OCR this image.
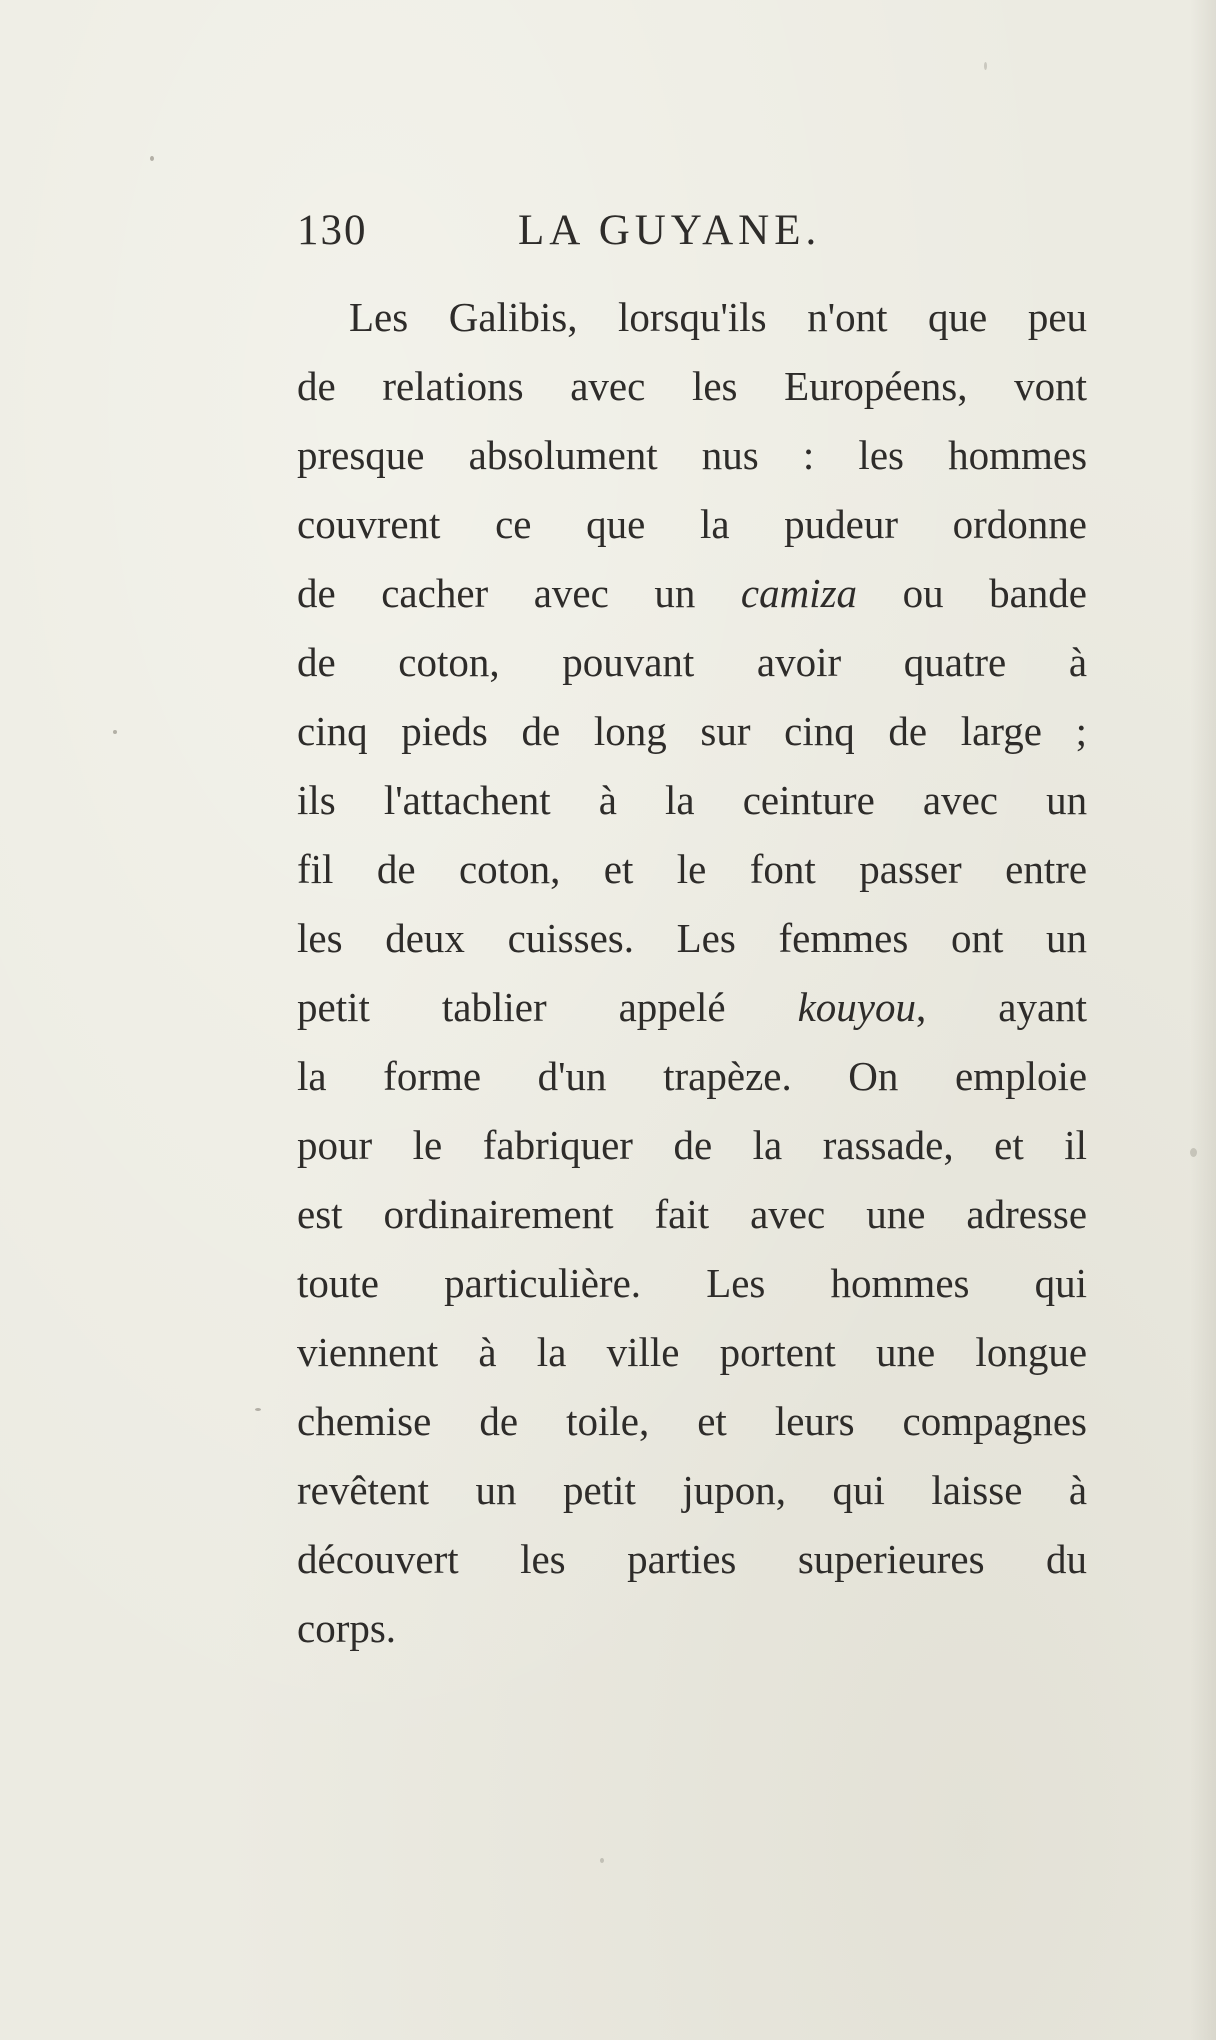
130	LA GUYANE.
Les Galibis, lorsqu'ils n'ont que peu
de relations avec les Européens, vont
presque absolument nus : les hommes
couvrent ce que la pudeur ordonne
de cacher avec un camiza ou bande
de coton, pouvant avoir quatre à
cinq pieds de long sur cinq de large ;
ils l'attachent à la ceinture avec un
fil de coton, et le font passer entre
les deux cuisses. Les femmes ont un
petit tablier appelé kouyou, ayant
la forme d'un trapèze. On emploie
pour le fabriquer de la rassade, et il
est ordinairement fait avec une adresse
toute particulière. Les hommes qui
viennent à la ville portent une longue
chemise de toile, et leurs compagnes
revêtent un petit jupon, qui laisse à
découvert les parties superieures du
corps.
